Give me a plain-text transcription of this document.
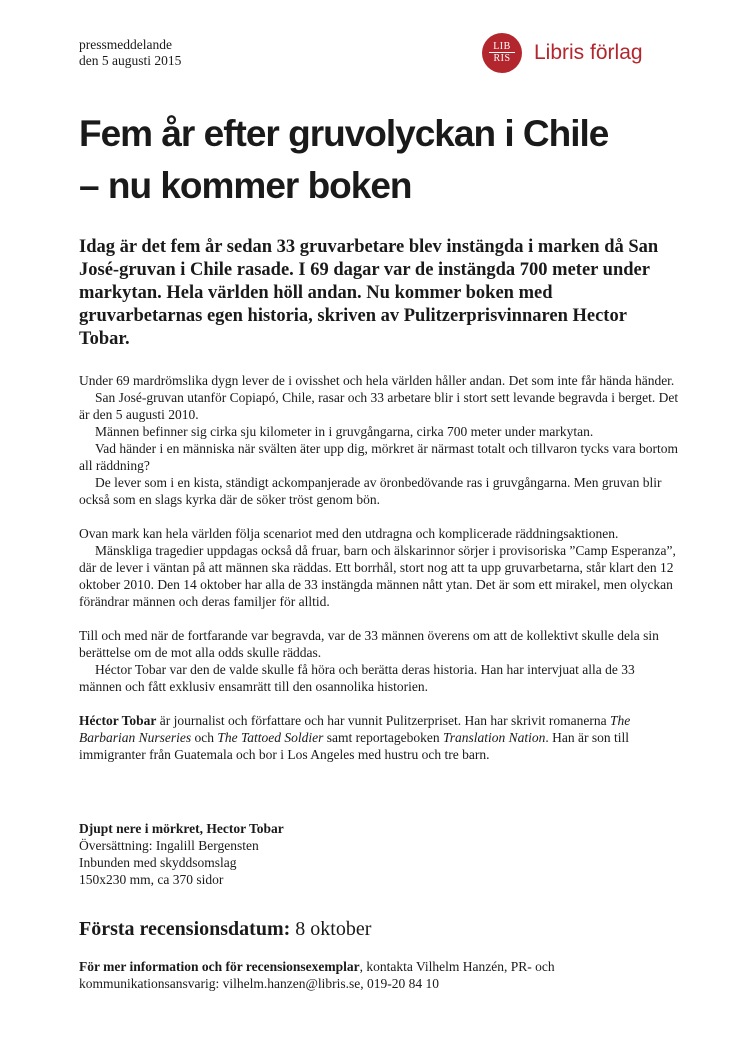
pressmeddelande
den 5 augusti 2015
LIB
RIS	Libris förlag
Fem år efter gruvolyckan i Chile
– nu kommer boken

Idag är det fem år sedan 33 gruvarbetare blev instängda i marken då San José-gruvan i Chile rasade. I 69 dagar var de instängda 700 meter under markytan. Hela världen höll andan. Nu kommer boken med gruvarbetarnas egen historia, skriven av Pulitzerprisvinnaren Hector Tobar.

Under 69 mardrömslika dygn lever de i ovisshet och hela världen håller andan. Det som inte får hända händer.

San José-gruvan utanför Copiapó, Chile, rasar och 33 arbetare blir i stort sett levande begravda i berget. Det är den 5 augusti 2010.

Männen befinner sig cirka sju kilometer in i gruvgångarna, cirka 700 meter under markytan.

Vad händer i en människa när svälten äter upp dig, mörkret är närmast totalt och tillvaron tycks vara bortom all räddning?

De lever som i en kista, ständigt ackompanjerade av öronbedövande ras i gruvgångarna. Men gruvan blir också som en slags kyrka där de söker tröst genom bön.

Ovan mark kan hela världen följa scenariot med den utdragna och komplicerade räddningsaktionen.

Mänskliga tragedier uppdagas också då fruar, barn och älskarinnor sörjer i provisoriska ”Camp Esperanza”, där de lever i väntan på att männen ska räddas. Ett borrhål, stort nog att ta upp gruvarbetarna, står klart den 12 oktober 2010. Den 14 oktober har alla de 33 instängda männen nått ytan. Det är som ett mirakel, men olyckan förändrar männen och deras familjer för alltid.

Till och med när de fortfarande var begravda, var de 33 männen överens om att de kollektivt skulle dela sin berättelse om de mot alla odds skulle räddas.

Héctor Tobar var den de valde skulle få höra och berätta deras historia. Han har intervjuat alla de 33 männen och fått exklusiv ensamrätt till den osannolika historien.

Héctor Tobar är journalist och författare och har vunnit Pulitzerpriset. Han har skrivit romanerna The Barbarian Nurseries och The Tattoed Soldier samt reportageboken Translation Nation. Han är son till immigranter från Guatemala och bor i Los Angeles med hustru och tre barn.

Djupt nere i mörkret, Hector Tobar

Översättning: Ingalill Bergensten

Inbunden med skyddsomslag

150x230 mm, ca 370 sidor

Första recensionsdatum: 8 oktober

För mer information och för recensionsexemplar, kontakta Vilhelm Hanzén, PR- och kommunikationsansvarig: vilhelm.hanzen@libris.se, 019-20 84 10
